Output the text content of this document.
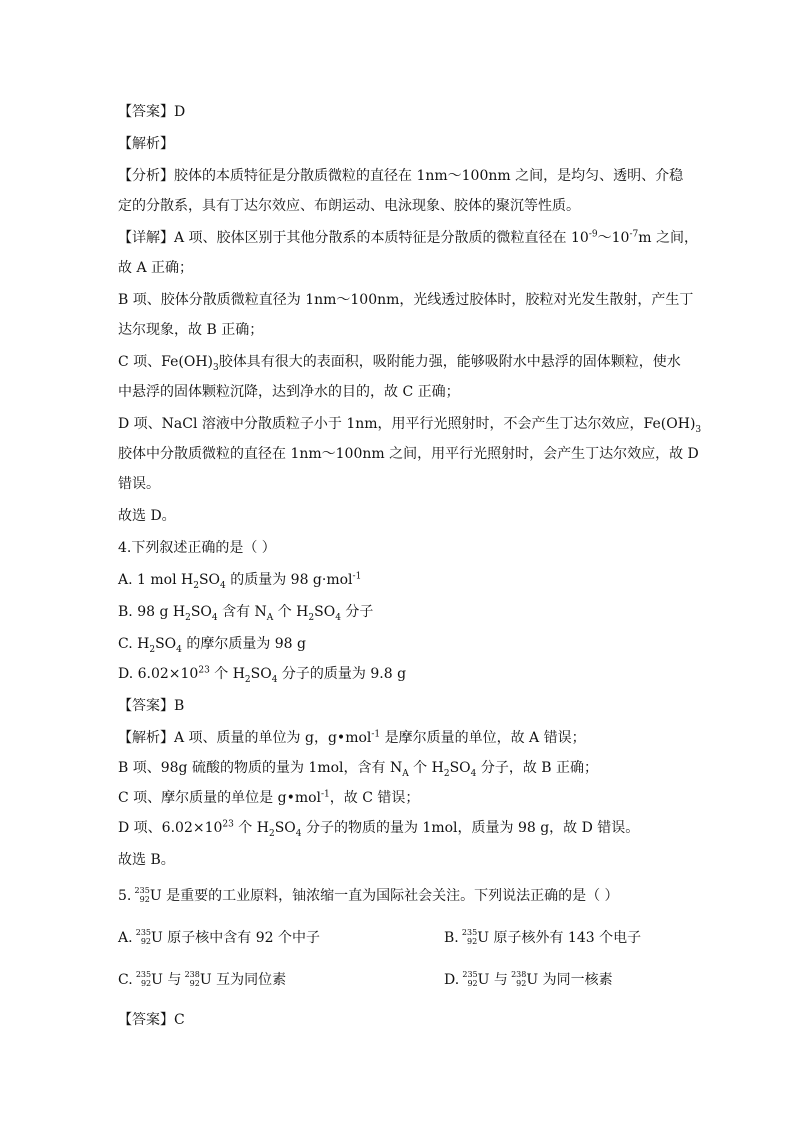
【答案】D
【解析】
【分析】胶体的本质特征是分散质微粒的直径在 1nm～100nm 之间，是均匀、透明、介稳
定的分散系，具有丁达尔效应、布朗运动、电泳现象、胶体的聚沉等性质。
【详解】A 项、胶体区别于其他分散系的本质特征是分散质的微粒直径在 $10^{-9}\sim 10^{-7}m$ 之间，
故 A 正确；
B 项、胶体分散质微粒直径为 1nm～100nm，光线透过胶体时，胶粒对光发生散射，产生丁
达尔现象，故 B 正确；
C 项、$Fe(OH)_3$胶体具有很大的表面积，吸附能力强，能够吸附水中悬浮的固体颗粒，使水
中悬浮的固体颗粒沉降，达到净水的目的，故 C 正确；
D 项、NaCl 溶液中分散质粒子小于 1nm，用平行光照射时，不会产生丁达尔效应，$Fe(OH)_3$
胶体中分散质微粒的直径在 1nm～100nm 之间，用平行光照射时，会产生丁达尔效应，故 D
错误。
故选 D。
4.下列叙述正确的是（ ）
A. 1 mol $H_2SO_4$ 的质量为 98 g·mol$^{-1}$
B. 98 g $H_2SO_4$ 含有 $N_A$ 个 $H_2SO_4$ 分子
C. $H_2SO_4$ 的摩尔质量为 98 g
D. $6.02\times 10^{23}$ 个 $H_2SO_4$ 分子的质量为 9.8 g
【答案】B
【解析】A 项、质量的单位为 g，g•mol$^{-1}$ 是摩尔质量的单位，故 A 错误；
B 项、98g 硫酸的物质的量为 1mol，含有 $N_A$ 个 $H_2SO_4$ 分子，故 B 正确；
C 项、摩尔质量的单位是 g•mol$^{-1}$，故 C 错误；
D 项、$6.02\times 10^{23}$ 个 $H_2SO_4$ 分子的物质的量为 1mol，质量为 98 g，故 D 错误。
故选 B。
5.
235
92 U 是重要的工业原料，铀浓缩一直为国际社会关注。下列说法正确的是（ ）
A. 235
92 U 原子核中含有 92 个中子	B. 235
92 U 原子核外有 143 个电子
C. 235
92 U 与
238
92 U 互为同位素	D. 235
92 U 与
238
92 U 为同一核素
【答案】C
